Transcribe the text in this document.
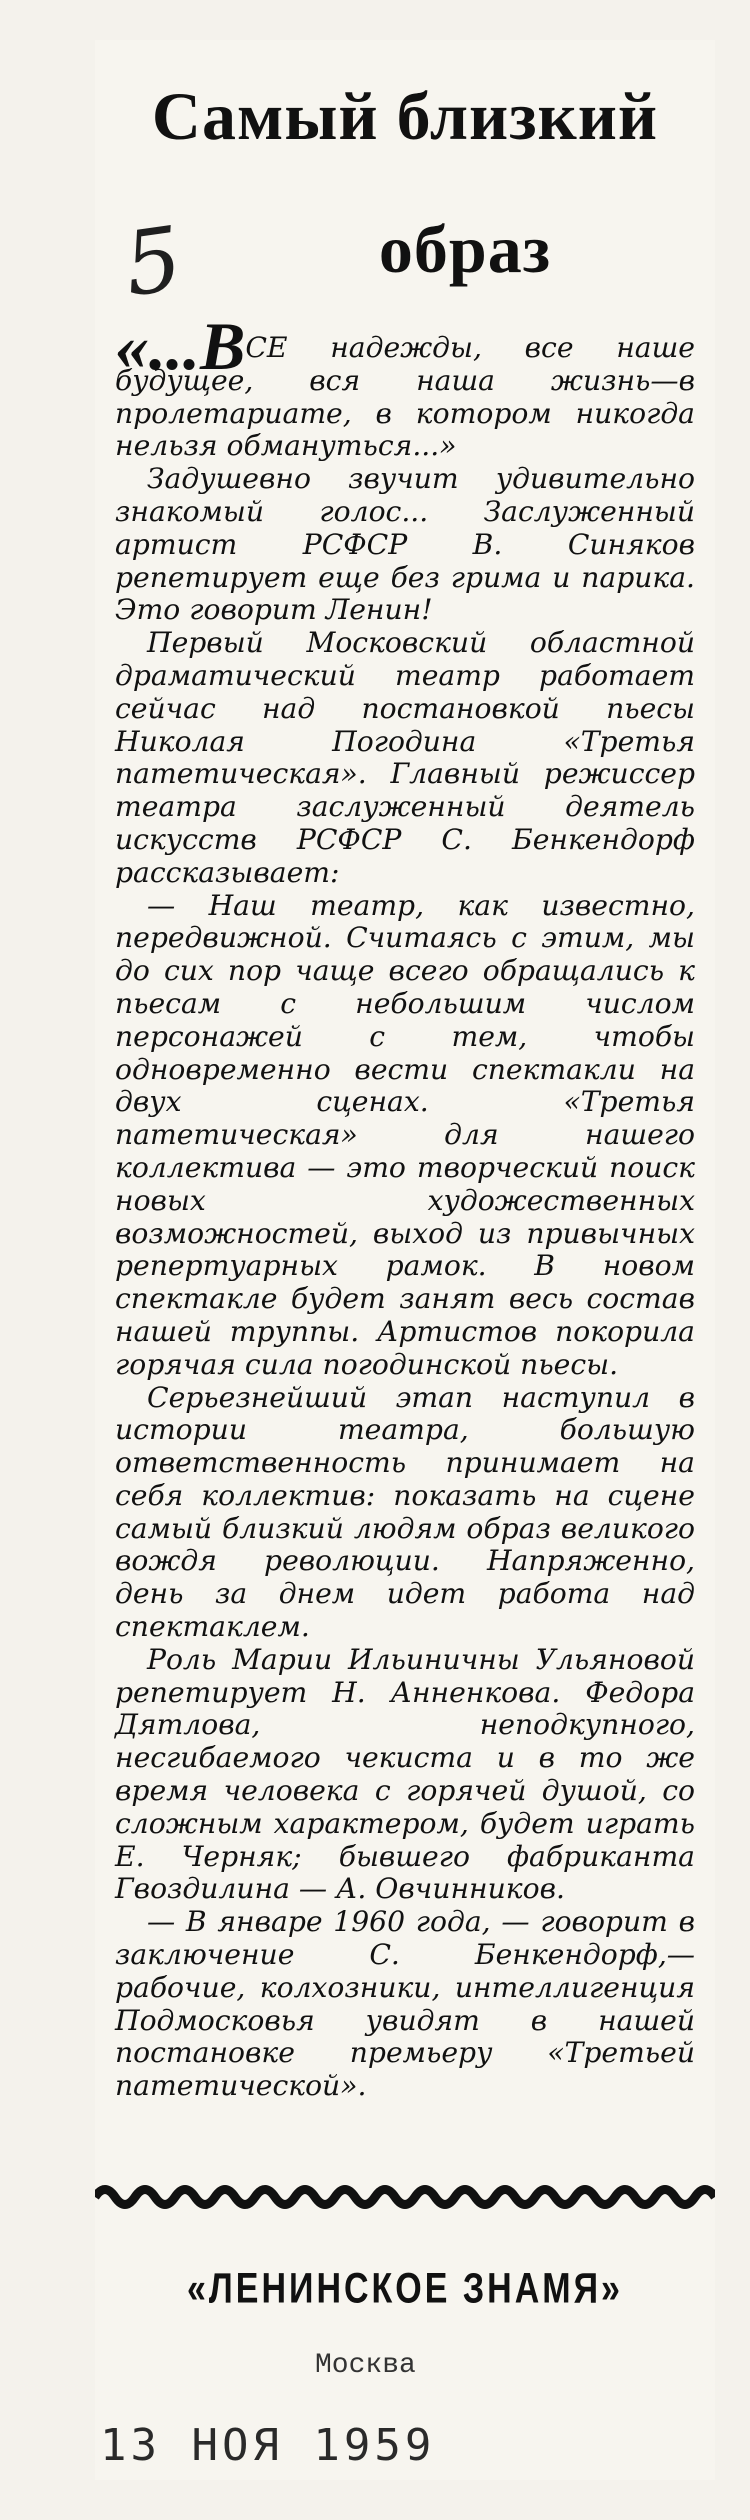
Самый близкий
5	образ

«...ВСЕ надежды, все наше будущее, вся наша жизнь—в пролетариате, в котором никогда нельзя обмануться...»

Задушевно звучит удивительно знакомый голос... Заслуженный артист РСФСР В. Синяков репетирует еще без грима и парика. Это говорит Ленин!

Первый Московский областной драматический театр работает сейчас над постановкой пьесы Николая Погодина «Третья патетическая». Главный режиссер театра заслуженный деятель искусств РСФСР С. Бенкендорф рассказывает:

— Наш театр, как известно, передвижной. Считаясь с этим, мы до сих пор чаще всего обращались к пьесам с небольшим числом персонажей с тем, чтобы одновременно вести спектакли на двух сценах. «Третья патетическая» для нашего коллектива — это творческий поиск новых художественных возможностей, выход из привычных репертуарных рамок. В новом спектакле будет занят весь состав нашей труппы. Артистов покорила горячая сила погодинской пьесы.

Серьезнейший этап наступил в истории театра, большую ответственность принимает на себя коллектив: показать на сцене самый близкий людям образ великого вождя революции. Напряженно, день за днем идет работа над спектаклем.

Роль Марии Ильиничны Ульяновой репетирует Н. Анненкова. Федора Дятлова, неподкупного, несгибаемого чекиста и в то же время человека с горячей душой, со сложным характером, будет играть Е. Черняк; бывшего фабриканта Гвоздилина — А. Овчинников.

— В январе 1960 года, — говорит в заключение С. Бенкендорф,— рабочие, колхозники, интеллигенция Подмосковья увидят в нашей постановке премьеру «Третьей патетической».

«ЛЕНИНСКОЕ ЗНАМЯ»
Москва
13 НОЯ 1959
